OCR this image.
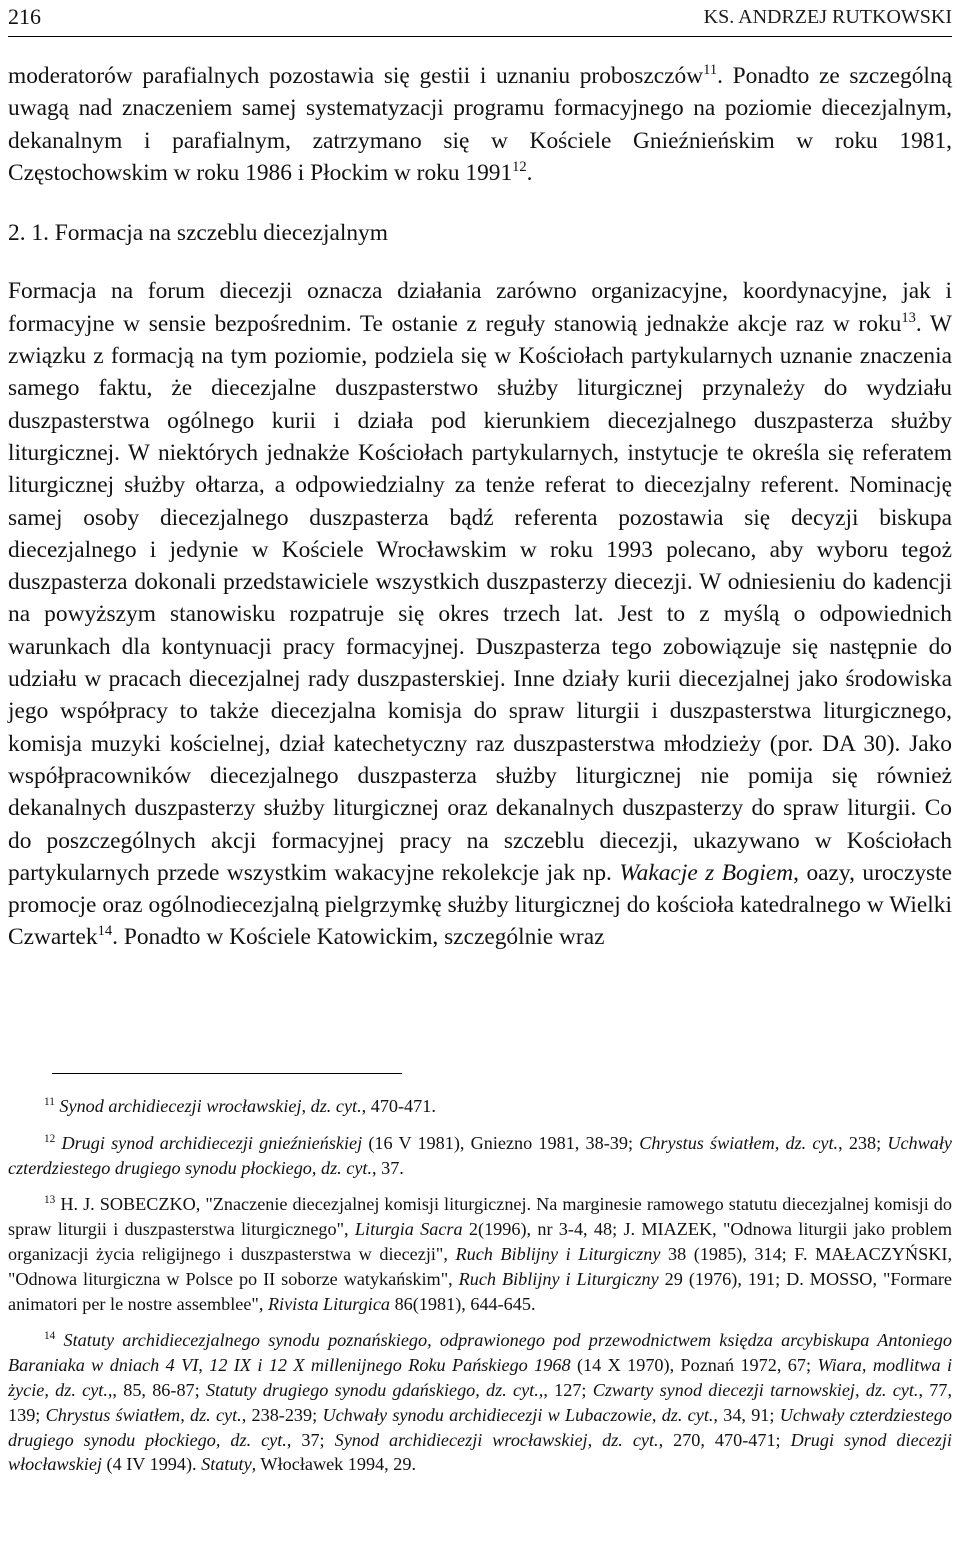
216	KS. ANDRZEJ RUTKOWSKI

moderatorów parafialnych pozostawia się gestii i uznaniu proboszczów$^{11}$. Ponadto ze szczególną uwagą nad znaczeniem samej systematyzacji programu formacyjnego na poziomie diecezjalnym, dekanalnym i parafialnym, zatrzymano się w Kościele Gnieźnieńskim w roku 1981, Częstochowskim w roku 1986 i Płockim w roku 1991$^{12}$.

2. 1. Formacja na szczeblu diecezjalnym

Formacja na forum diecezji oznacza działania zarówno organizacyjne, koordynacyjne, jak i formacyjne w sensie bezpośrednim. Te ostanie z reguły stanowią jednakże akcje raz w roku$^{13}$. W związku z formacją na tym poziomie, podziela się w Kościołach partykularnych uznanie znaczenia samego faktu, że diecezjalne duszpasterstwo służby liturgicznej przynależy do wydziału duszpasterstwa ogólnego kurii i działa pod kierunkiem diecezjalnego duszpasterza służby liturgicznej. W niektórych jednakże Kościołach partykularnych, instytucje te określa się referatem liturgicznej służby ołtarza, a odpowiedzialny za tenże referat to diecezjalny referent. Nominację samej osoby diecezjalnego duszpasterza bądź referenta pozostawia się decyzji biskupa diecezjalnego i jedynie w Kościele Wrocławskim w roku 1993 polecano, aby wyboru tegoż duszpasterza dokonali przedstawiciele wszystkich duszpasterzy diecezji. W odniesieniu do kadencji na powyższym stanowisku rozpatruje się okres trzech lat. Jest to z myślą o odpowiednich warunkach dla kontynuacji pracy formacyjnej. Duszpasterza tego zobowiązuje się następnie do udziału w pracach diecezjalnej rady duszpasterskiej. Inne działy kurii diecezjalnej jako środowiska jego współpracy to także diecezjalna komisja do spraw liturgii i duszpasterstwa liturgicznego, komisja muzyki kościelnej, dział katechetyczny raz duszpasterstwa młodzieży (por. DA 30). Jako współpracowników diecezjalnego duszpasterza służby liturgicznej nie pomija się również dekanalnych duszpasterzy służby liturgicznej oraz dekanalnych duszpasterzy do spraw liturgii. Co do poszczególnych akcji formacyjnej pracy na szczeblu diecezji, ukazywano w Kościołach partykularnych przede wszystkim wakacyjne rekolekcje jak np. Wakacje z Bogiem, oazy, uroczyste promocje oraz ogólnodiecezjalną pielgrzymkę służby liturgicznej do kościoła katedralnego w Wielki Czwartek$^{14}$. Ponadto w Kościele Katowickim, szczególnie wraz

$^{11}$ Synod archidiecezji wrocławskiej, dz. cyt., 470-471.

$^{12}$ Drugi synod archidiecezji gnieźnieńskiej (16 V 1981), Gniezno 1981, 38-39; Chrystus światłem, dz. cyt., 238; Uchwały czterdziestego drugiego synodu płockiego, dz. cyt., 37.

$^{13}$ H. J. SOBECZKO, "Znaczenie diecezjalnej komisji liturgicznej. Na marginesie ramowego statutu diecezjalnej komisji do spraw liturgii i duszpasterstwa liturgicznego", Liturgia Sacra 2(1996), nr 3-4, 48; J. MIAZEK, "Odnowa liturgii jako problem organizacji życia religijnego i duszpasterstwa w diecezji", Ruch Biblijny i Liturgiczny 38 (1985), 314; F. MAŁACZYŃSKI, "Odnowa liturgiczna w Polsce po II soborze watykańskim", Ruch Biblijny i Liturgiczny 29 (1976), 191; D. MOSSO, "Formare animatori per le nostre assemblee", Rivista Liturgica 86(1981), 644-645.

$^{14}$ Statuty archidiecezjalnego synodu poznańskiego, odprawionego pod przewodnictwem księdza arcybiskupa Antoniego Baraniaka w dniach 4 VI, 12 IX i 12 X millenijnego Roku Pańskiego 1968 (14 X 1970), Poznań 1972, 67; Wiara, modlitwa i życie, dz. cyt.,, 85, 86-87; Statuty drugiego synodu gdańskiego, dz. cyt.,, 127; Czwarty synod diecezji tarnowskiej, dz. cyt., 77, 139; Chrystus światłem, dz. cyt., 238-239; Uchwały synodu archidiecezji w Lubaczowie, dz. cyt., 34, 91; Uchwały czterdziestego drugiego synodu płockiego, dz. cyt., 37; Synod archidiecezji wrocławskiej, dz. cyt., 270, 470-471; Drugi synod diecezji włocławskiej (4 IV 1994). Statuty, Włocławek 1994, 29.
